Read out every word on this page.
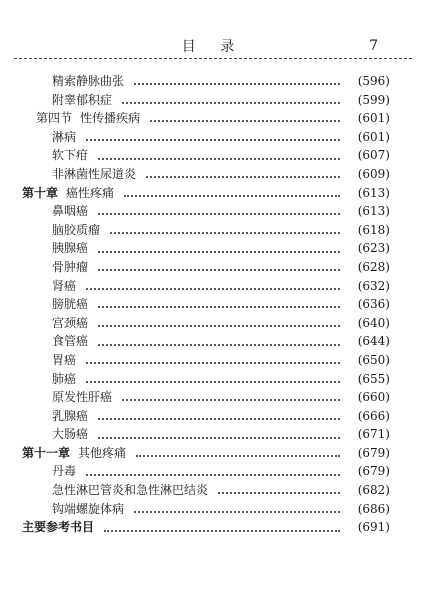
目 录	7
精索静脉曲张	(596)
附睾郁积症	(599)
第四节 性传播疾病	(601)
淋病	(601)
软下疳	(607)
非淋菌性尿道炎	(609)
第十章 癌性疼痛	(613)
鼻咽癌	(613)
脑胶质瘤	(618)
胰腺癌	(623)
骨肿瘤	(628)
肾癌	(632)
膀胱癌	(636)
宫颈癌	(640)
食管癌	(644)
胃癌	(650)
肺癌	(655)
原发性肝癌	(660)
乳腺癌	(666)
大肠癌	(671)
第十一章 其他疼痛	(679)
丹毒	(679)
急性淋巴管炎和急性淋巴结炎	(682)
钩端螺旋体病	(686)
主要参考书目	(691)
